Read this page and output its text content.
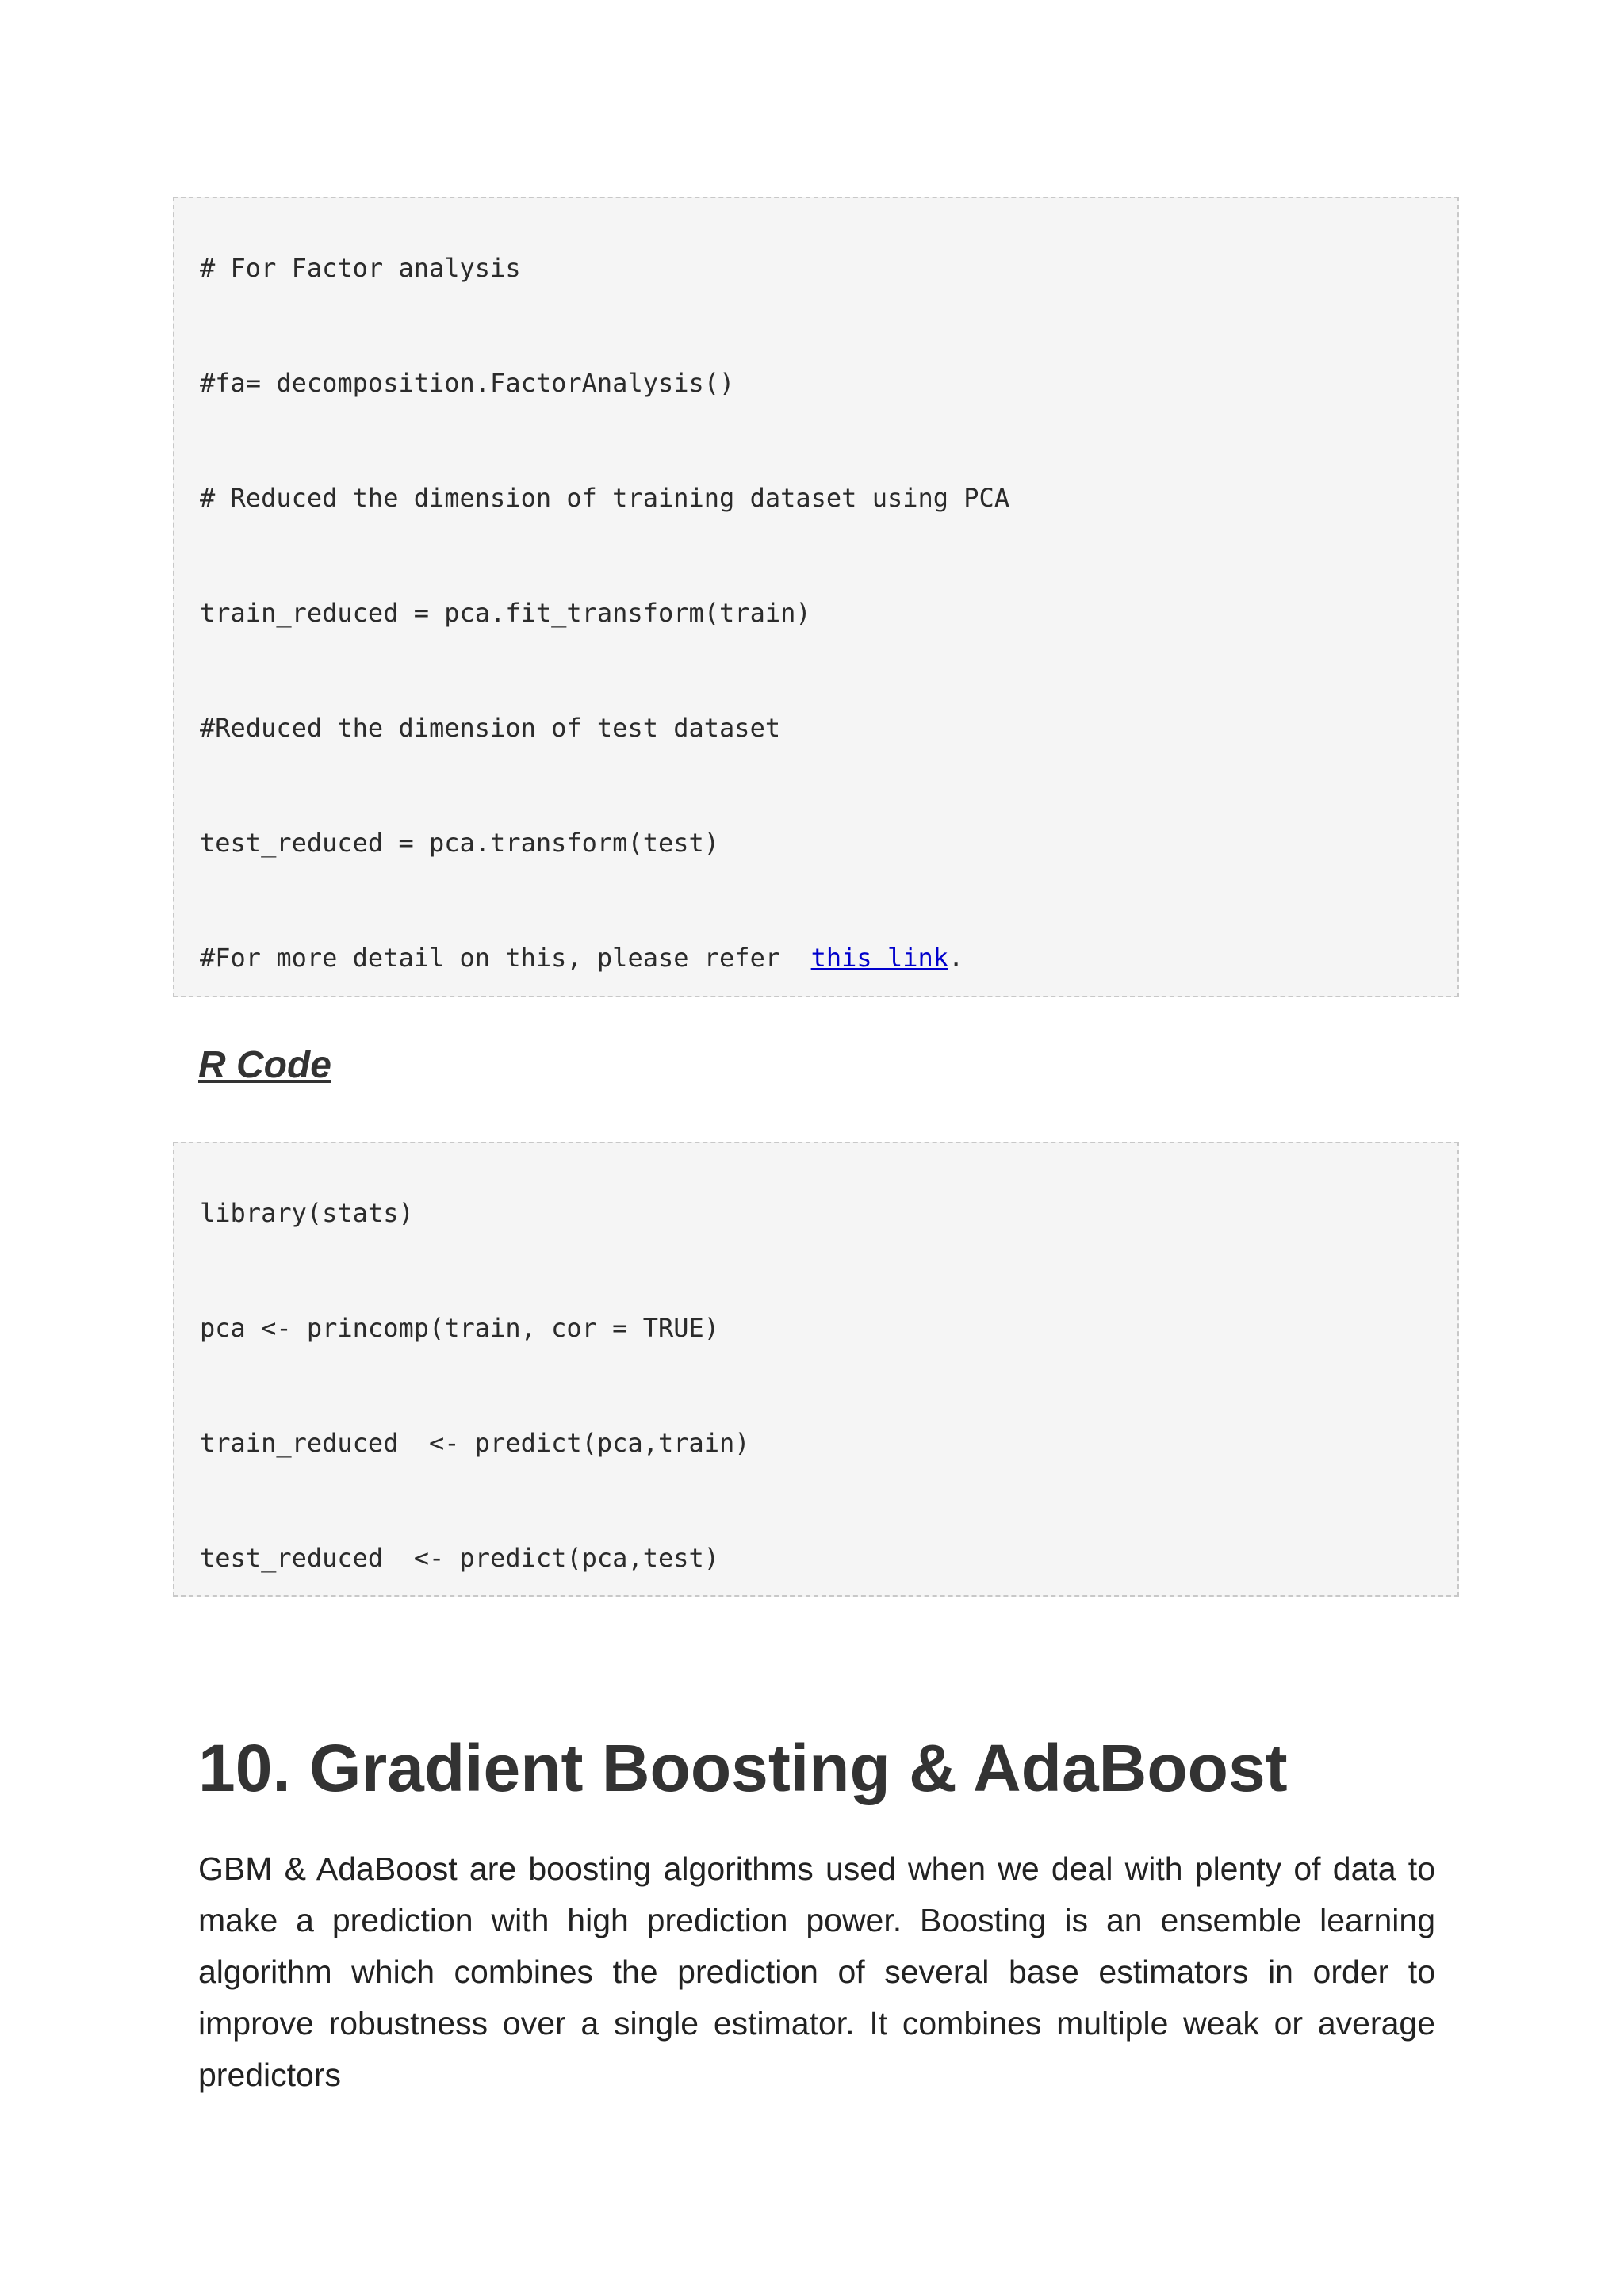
# For Factor analysis

#fa= decomposition.FactorAnalysis()

# Reduced the dimension of training dataset using PCA

train_reduced = pca.fit_transform(train)

#Reduced the dimension of test dataset

test_reduced = pca.transform(test)

#For more detail on this, please refer  this link.

R Code

library(stats)

pca <- princomp(train, cor = TRUE)

train_reduced  <- predict(pca,train)

test_reduced  <- predict(pca,test)

10. Gradient Boosting & AdaBoost

GBM & AdaBoost are boosting algorithms used when we deal with plenty of data to make a prediction with high prediction power. Boosting is an ensemble learning algorithm which combines the prediction of several base estimators in order to improve robustness over a single estimator. It combines multiple weak or average predictors
